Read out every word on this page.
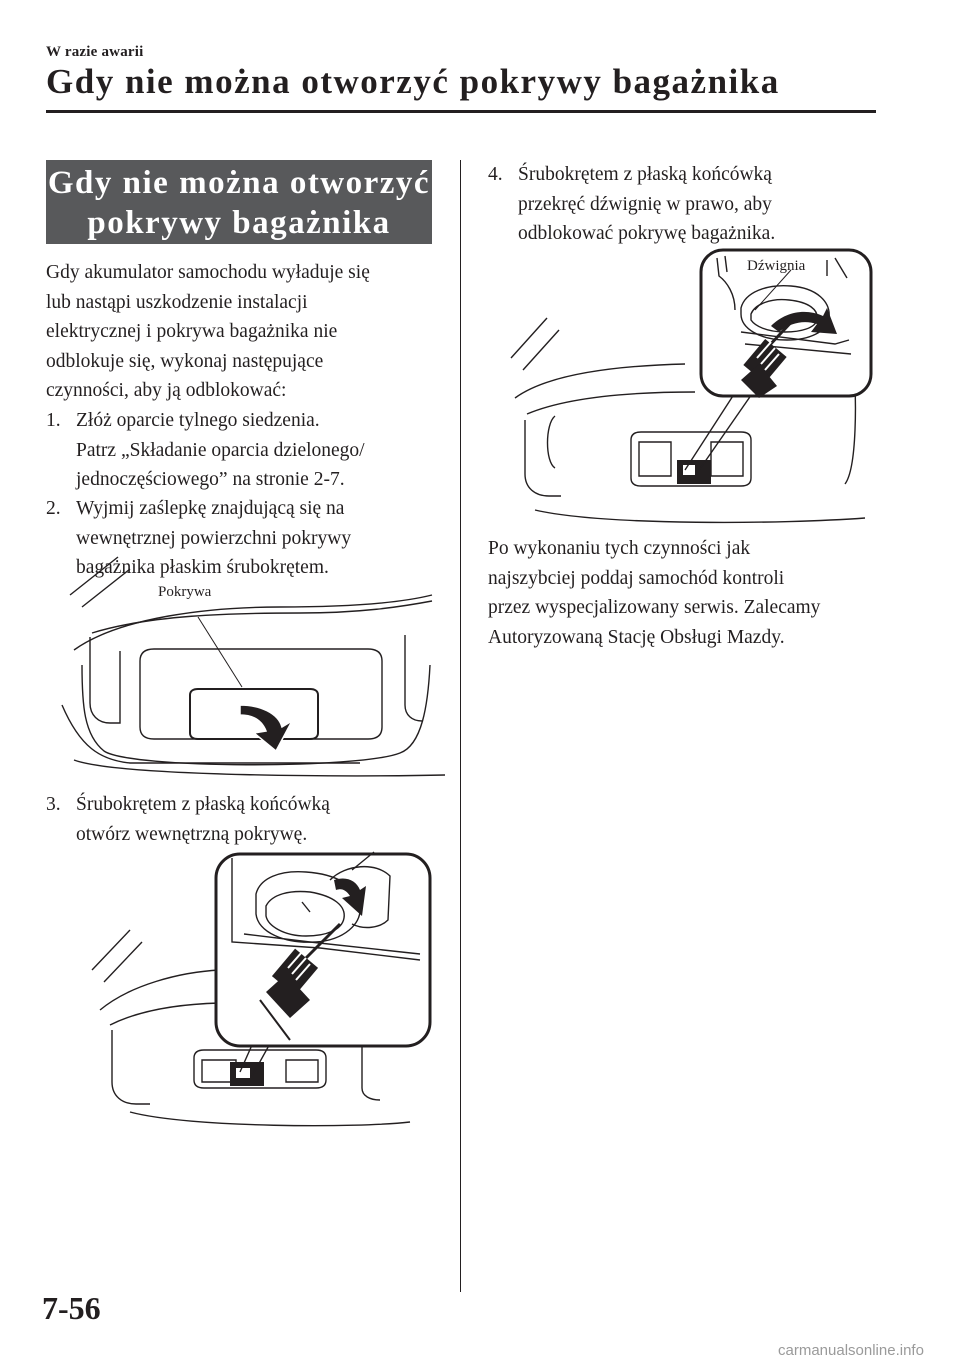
W razie awarii
Gdy nie można otworzyć pokrywy bagażnika
Gdy nie można otworzyć
pokrywy bagażnika
Gdy akumulator samochodu wyładuje się
lub nastąpi uszkodzenie instalacji
elektrycznej i pokrywa bagażnika nie
odblokuje się, wykonaj następujące
czynności, aby ją odblokować:
1. Złóż oparcie tylnego siedzenia.
Patrz „Składanie oparcia dzielonego/
jednoczęściowego” na stronie 2-7.
2. Wyjmij zaślepkę znajdującą się na
wewnętrznej powierzchni pokrywy
bagażnika płaskim śrubokrętem.
Pokrywa
3. Śrubokrętem z płaską końcówką
otwórz wewnętrzną pokrywę.
4. Śrubokrętem z płaską końcówką
przekręć dźwignię w prawo, aby
odblokować pokrywę bagażnika.
Dźwignia
Po wykonaniu tych czynności jak
najszybciej poddaj samochód kontroli
przez wyspecjalizowany serwis. Zalecamy
Autoryzowaną Stację Obsługi Mazdy.
7-56
carmanualsonline.info
